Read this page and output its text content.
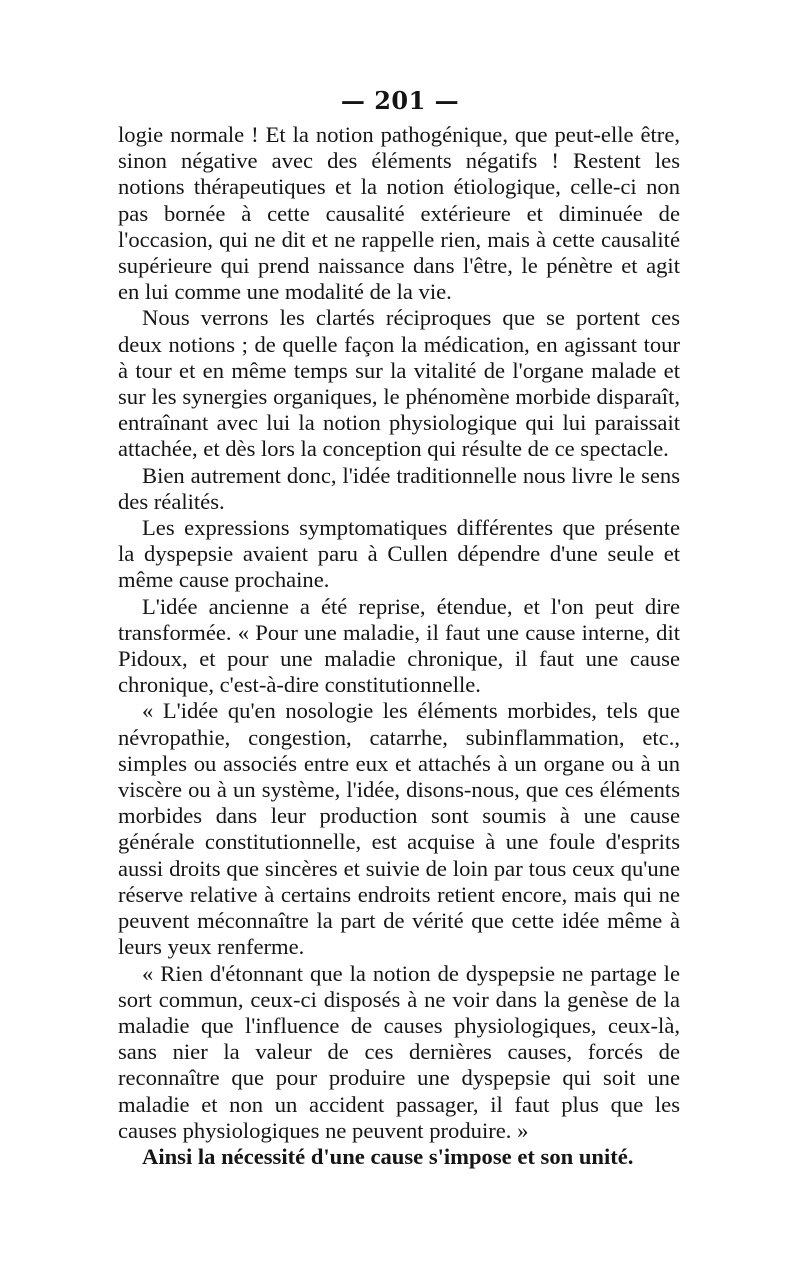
— 201 —

logie normale ! Et la notion pathogénique, que peut-elle être, sinon négative avec des éléments négatifs ! Restent les notions thérapeutiques et la notion étiologique, celle-ci non pas bornée à cette causalité extérieure et diminuée de l'occasion, qui ne dit et ne rappelle rien, mais à cette causalité supérieure qui prend naissance dans l'être, le pénètre et agit en lui comme une modalité de la vie.

Nous verrons les clartés réciproques que se portent ces deux notions ; de quelle façon la médication, en agissant tour à tour et en même temps sur la vitalité de l'organe malade et sur les synergies organiques, le phénomène morbide disparaît, entraînant avec lui la notion physiologique qui lui paraissait attachée, et dès lors la conception qui résulte de ce spectacle.

Bien autrement donc, l'idée traditionnelle nous livre le sens des réalités.

Les expressions symptomatiques différentes que présente la dyspepsie avaient paru à Cullen dépendre d'une seule et même cause prochaine.

L'idée ancienne a été reprise, étendue, et l'on peut dire transformée. « Pour une maladie, il faut une cause interne, dit Pidoux, et pour une maladie chronique, il faut une cause chronique, c'est-à-dire constitutionnelle.

« L'idée qu'en nosologie les éléments morbides, tels que névropathie, congestion, catarrhe, subinflammation, etc., simples ou associés entre eux et attachés à un organe ou à un viscère ou à un système, l'idée, disons-nous, que ces éléments morbides dans leur production sont soumis à une cause générale constitutionnelle, est acquise à une foule d'esprits aussi droits que sincères et suivie de loin par tous ceux qu'une réserve relative à certains endroits retient encore, mais qui ne peuvent méconnaître la part de vérité que cette idée même à leurs yeux renferme.

« Rien d'étonnant que la notion de dyspepsie ne partage le sort commun, ceux-ci disposés à ne voir dans la genèse de la maladie que l'influence de causes physiologiques, ceux-là, sans nier la valeur de ces dernières causes, forcés de reconnaître que pour produire une dyspepsie qui soit une maladie et non un accident passager, il faut plus que les causes physiologiques ne peuvent produire. »

Ainsi la nécessité d'une cause s'impose et son unité.
